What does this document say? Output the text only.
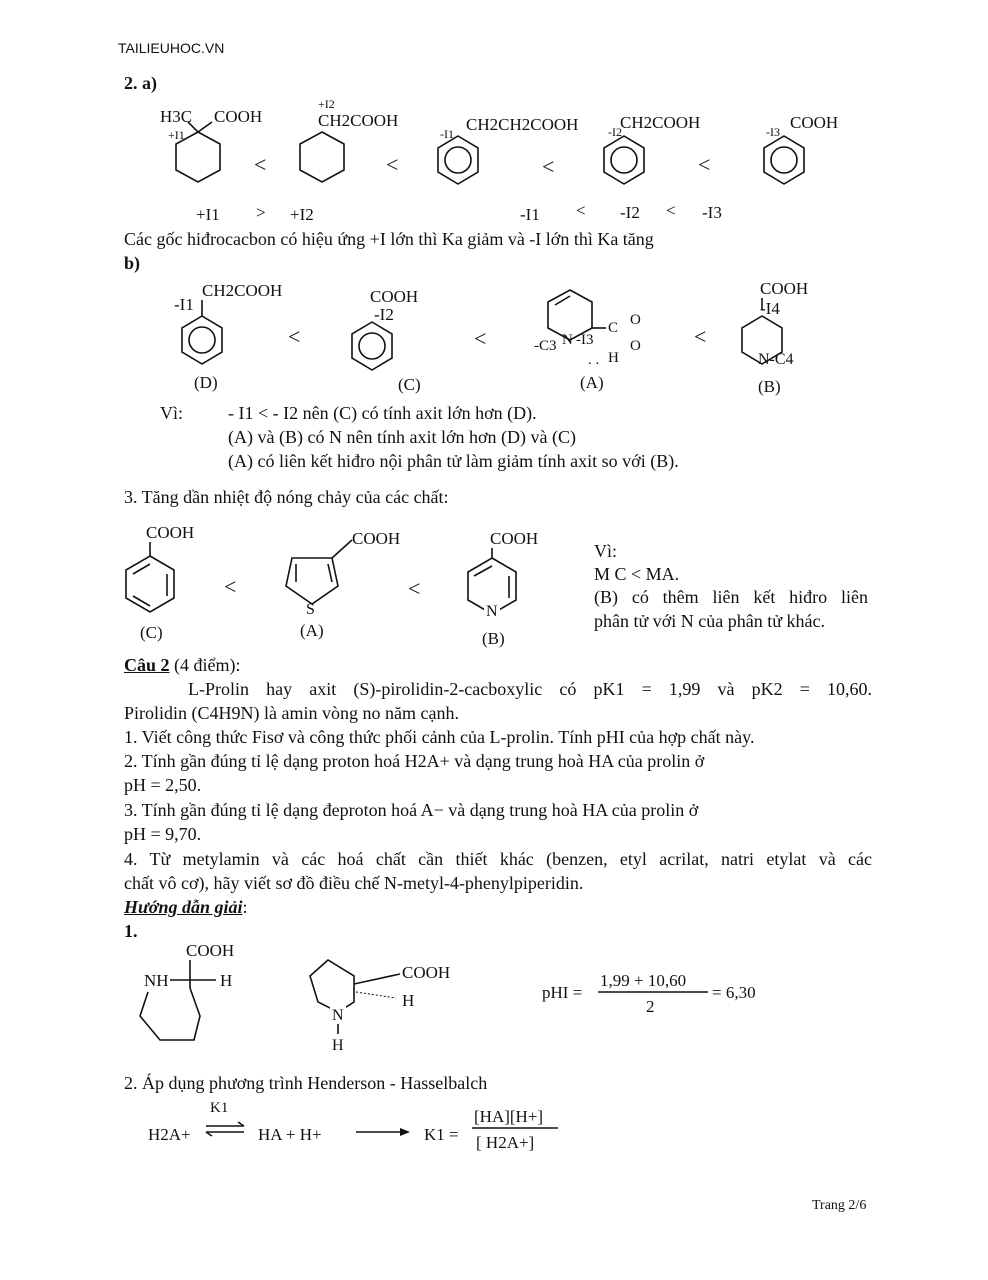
TAILIEUHOC.VN
2. a)
H3C COOH
+I1
<
+I2
CH2COOH
<
CH2CH2COOH
-I1
<
CH2COOH
-I2
<
COOH
-I3
+I1 > +I2	-I1 < -I2 < -I3
Các gốc hiđrocacbon có hiệu ứng +I lớn thì Ka giảm và -I lớn thì Ka tăng
b)
CH2COOH
-I1
(D)
<
COOH
-I2
(C)
<	-C3 N -I3
C O
O
H
. .
(A)
<
COOH
-I4
N-C4
(B)
Vì: - I1 < - I2 nên (C) có tính axit lớn hơn (D).
(A) và (B) có N nên tính axit lớn hơn (D) và (C)
(A) có liên kết hiđro nội phân tử làm giảm tính axit so với (B).
3. Tăng dần nhiệt độ nóng chảy của các chất:
COOH
(C)
<
COOH
S
(A)
<
COOH
N
(B)
Vì:
M C < MA.
(B) có thêm liên kết hiđro liên
phân tử với N của phân tử khác.
Câu 2 (4 điểm):
L-Prolin hay axit (S)-pirolidin-2-cacboxylic có pK1 = 1,99 và pK2 = 10,60.
Pirolidin (C4H9N) là amin vòng no năm cạnh.
1. Viết công thức Fisơ và công thức phối cảnh của L-prolin. Tính pHI của hợp chất này.
2. Tính gần đúng tỉ lệ dạng proton hoá H2A+ và dạng trung hoà HA của prolin ở
pH = 2,50.
3. Tính gần đúng tỉ lệ dạng đeproton hoá A− và dạng trung hoà HA của prolin ở
pH = 9,70.
4. Từ metylamin và các hoá chất cần thiết khác (benzen, etyl acrilat, natri etylat và các
chất vô cơ), hãy viết sơ đồ điều chế N-metyl-4-phenylpiperidin.
Hướng dẫn giải:
1.
COOH
NH	H
N
COOH
H
H
pHI =
1,99 + 10,60
2
= 6,30
2. Áp dụng phương trình Henderson - Hasselbalch
H2A+
K1
HA + H+	K1 =
[HA][H+]
[ H2A+]
Trang 2/6
